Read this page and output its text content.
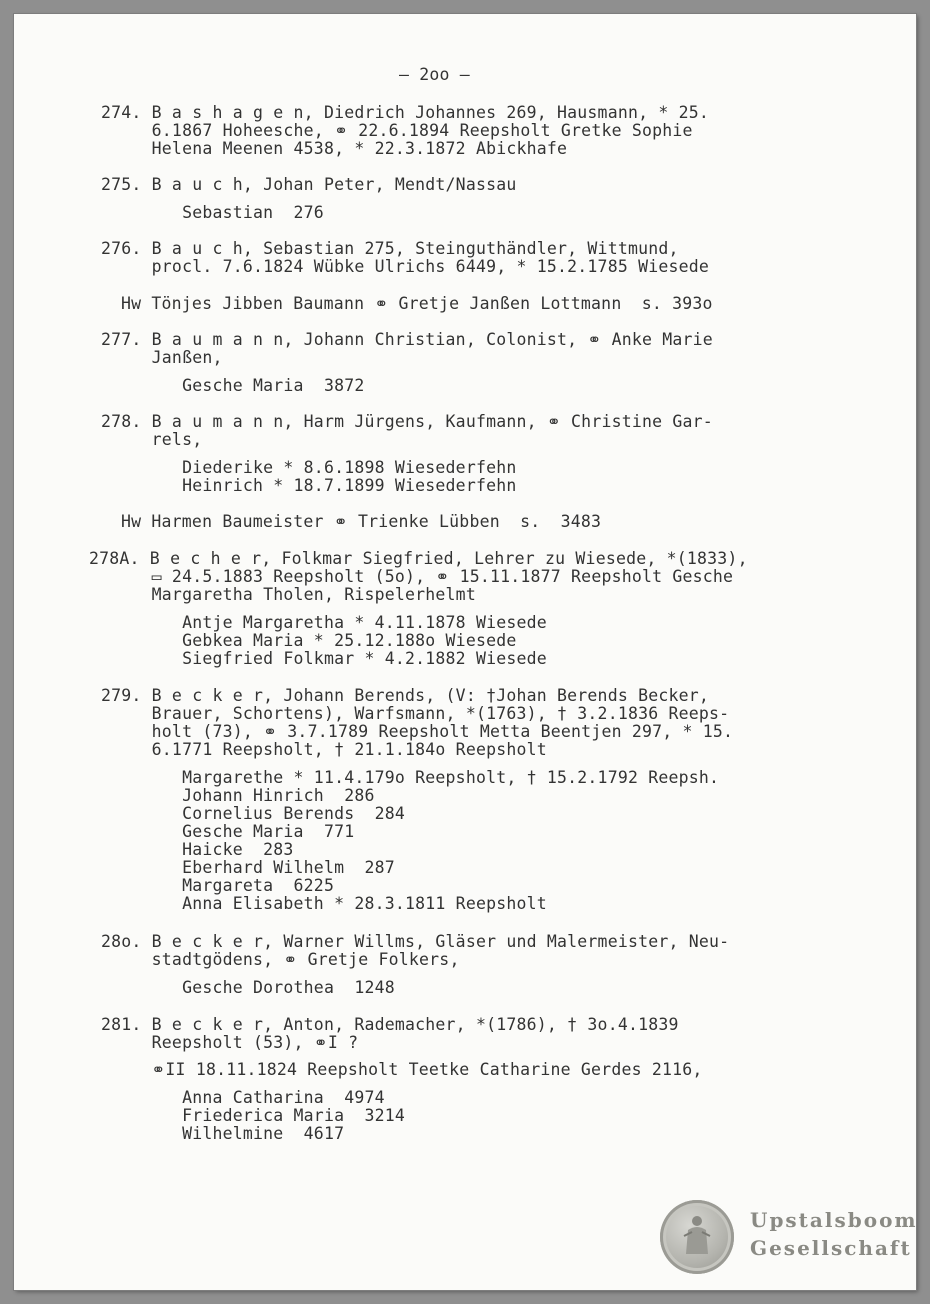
– 2oo –
274. B a s h a g e n, Diedrich Johannes 269, Hausmann, * 25.
6.1867 Hoheesche, ⚭ 22.6.1894 Reepsholt Gretke Sophie
Helena Meenen 4538, * 22.3.1872 Abickhafe
275. B a u c h, Johan Peter, Mendt/Nassau
Sebastian  276
276. B a u c h, Sebastian 275, Steinguthändler, Wittmund,
procl. 7.6.1824 Wübke Ulrichs 6449, * 15.2.1785 Wiesede
Hw Tönjes Jibben Baumann ⚭ Gretje Janßen Lottmann  s. 393o
277. B a u m a n n, Johann Christian, Colonist, ⚭ Anke Marie
Janßen,
Gesche Maria  3872
278. B a u m a n n, Harm Jürgens, Kaufmann, ⚭ Christine Gar-
rels,
Diederike * 8.6.1898 Wiesederfehn
Heinrich * 18.7.1899 Wiesederfehn
Hw Harmen Baumeister ⚭ Trienke Lübben  s.  3483
278A. B e c h e r, Folkmar Siegfried, Lehrer zu Wiesede, *(1833),
▭ 24.5.1883 Reepsholt (5o), ⚭ 15.11.1877 Reepsholt Gesche
Margaretha Tholen, Rispelerhelmt
Antje Margaretha * 4.11.1878 Wiesede
Gebkea Maria * 25.12.188o Wiesede
Siegfried Folkmar * 4.2.1882 Wiesede
279. B e c k e r, Johann Berends, (V: †Johan Berends Becker,
Brauer, Schortens), Warfsmann, *(1763), † 3.2.1836 Reeps-
holt (73), ⚭ 3.7.1789 Reepsholt Metta Beentjen 297, * 15.
6.1771 Reepsholt, † 21.1.184o Reepsholt
Margarethe * 11.4.179o Reepsholt, † 15.2.1792 Reepsh.
Johann Hinrich  286
Cornelius Berends  284
Gesche Maria  771
Haicke  283
Eberhard Wilhelm  287
Margareta  6225
Anna Elisabeth * 28.3.1811 Reepsholt
28o. B e c k e r, Warner Willms, Gläser und Malermeister, Neu-
stadtgödens, ⚭ Gretje Folkers,
Gesche Dorothea  1248
281. B e c k e r, Anton, Rademacher, *(1786), † 3o.4.1839
Reepsholt (53), ⚭I ?
⚭II 18.11.1824 Reepsholt Teetke Catharine Gerdes 2116,
Anna Catharina  4974
Friederica Maria  3214
Wilhelmine  4617
Upstalsboom
Gesellschaft
